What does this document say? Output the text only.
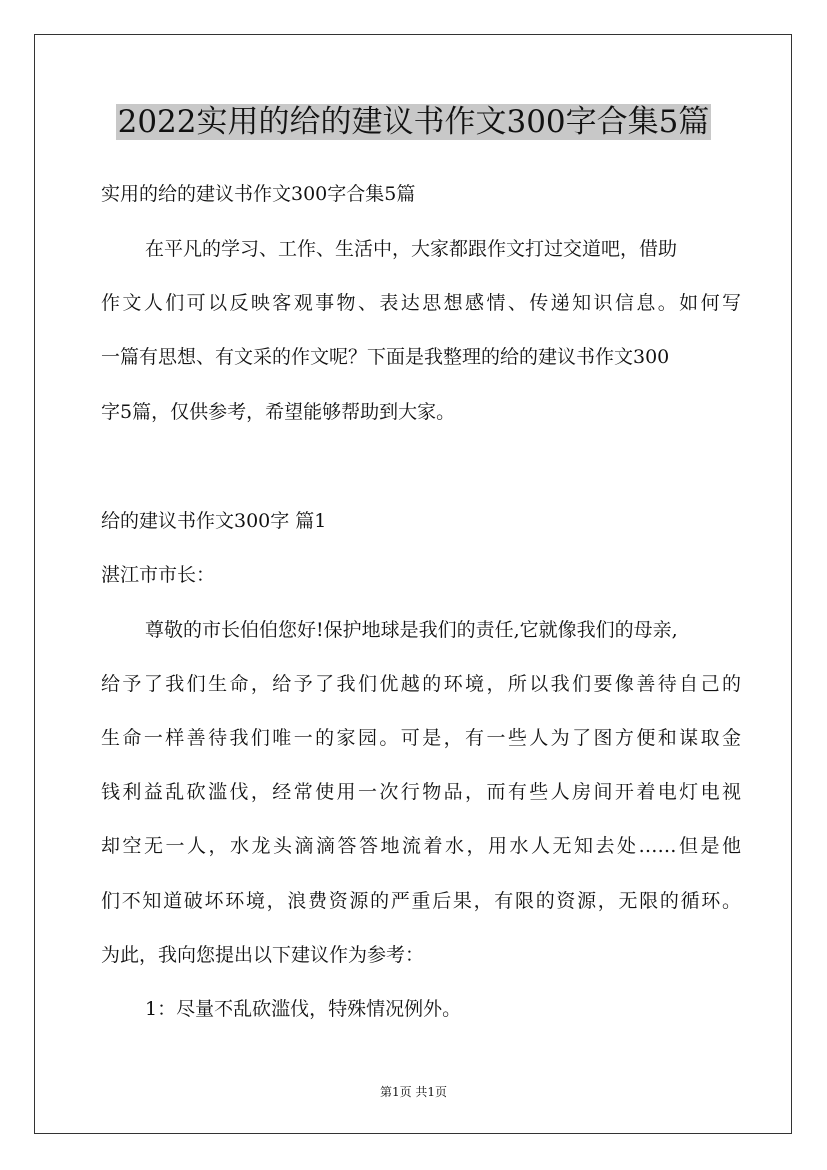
2022实用的给的建议书作文300字合集5篇
实用的给的建议书作文300字合集5篇
在平凡的学习、工作、生活中，大家都跟作文打过交道吧，借助
作文人们可以反映客观事物、表达思想感情、传递知识信息。如何写
一篇有思想、有文采的作文呢？下面是我整理的给的建议书作文300
字5篇，仅供参考，希望能够帮助到大家。
给的建议书作文300字 篇1
湛江市市长：
尊敬的市长伯伯您好!保护地球是我们的责任,它就像我们的母亲,
给予了我们生命，给予了我们优越的环境，所以我们要像善待自己的
生命一样善待我们唯一的家园。可是，有一些人为了图方便和谋取金
钱利益乱砍滥伐，经常使用一次行物品，而有些人房间开着电灯电视
却空无一人，水龙头滴滴答答地流着水，用水人无知去处……但是他
们不知道破坏环境，浪费资源的严重后果，有限的资源，无限的循环。
为此，我向您提出以下建议作为参考：
1：尽量不乱砍滥伐，特殊情况例外。
第1页 共1页
